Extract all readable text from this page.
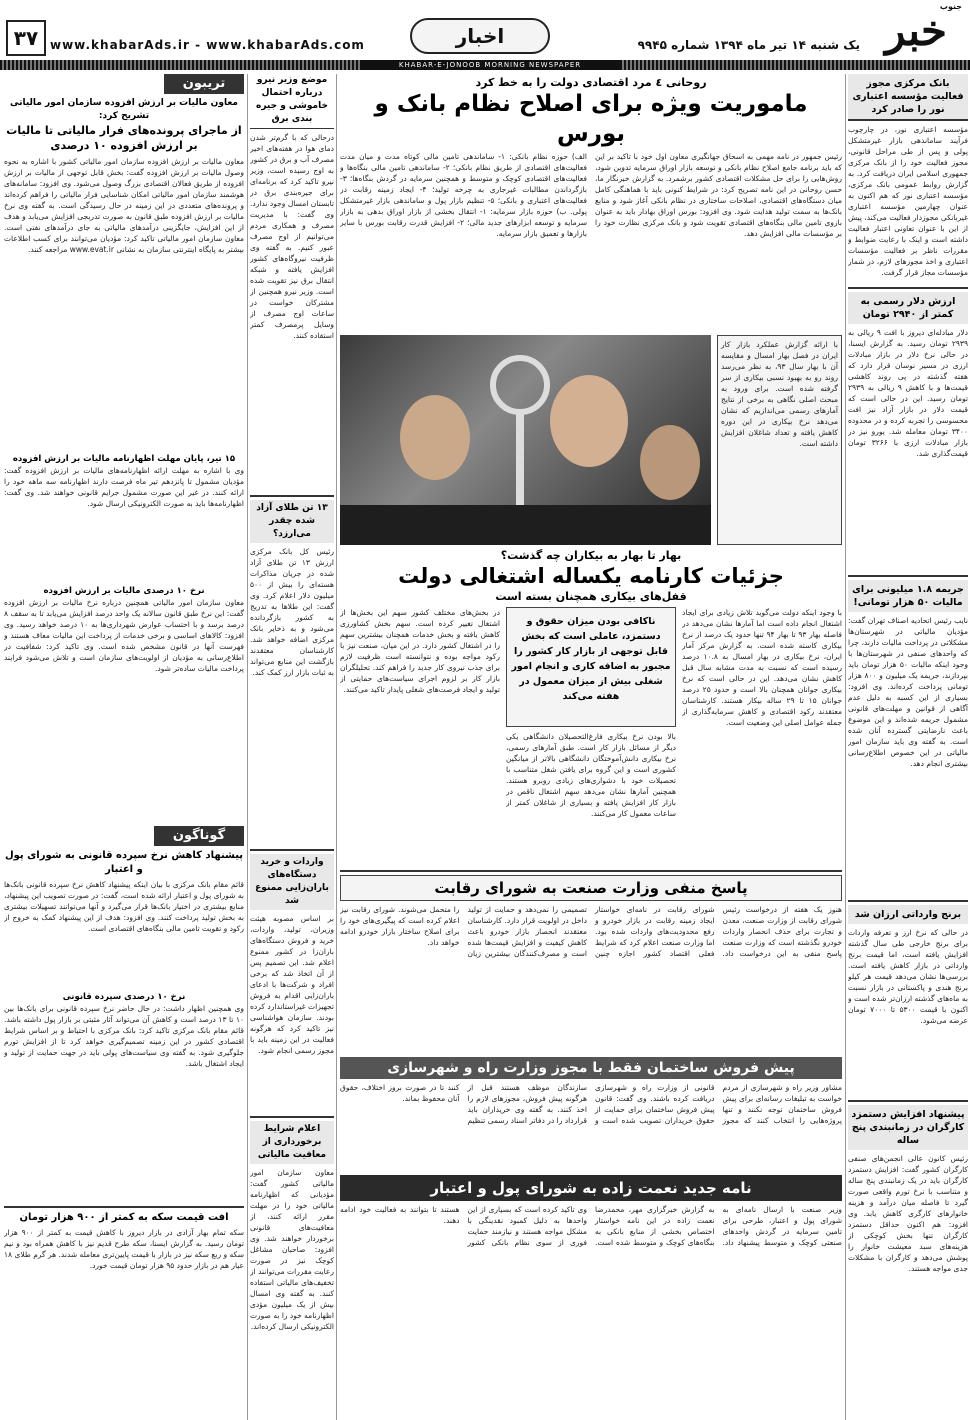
جنوب
خبر
یک شنبه ۱۴ تیر ماه ۱۳۹۴ شماره ۹۹۴۵
اخبار
www.khabarAds.ir - www.khabarAds.com
۳۷
KHABAR-E-JONOOB MORNING NEWSPAPER
بانک مرکزی مجوز فعالیت مؤسسه اعتباری نور را صادر کرد
مؤسسه اعتباری نور، در چارچوب فرآیند ساماندهی بازار غیرمتشکل پولی و پس از طی مراحل قانونی، مجوز فعالیت خود را از بانک مرکزی جمهوری اسلامی ایران دریافت کرد. به گزارش روابط عمومی بانک مرکزی، مؤسسه اعتباری نور که هم اکنون به عنوان چهارمین مؤسسه اعتباری غیربانکی مجوزدار فعالیت می‌کند، پیش از این با عنوان تعاونی اعتبار فعالیت داشته است و اینک با رعایت ضوابط و مقررات ناظر بر فعالیت مؤسسات اعتباری و اخذ مجوزهای لازم، در شمار مؤسسات مجاز قرار گرفت.
ارزش دلار رسمی به کمتر از ۲۹۴۰ تومان
دلار مبادله‌ای دیروز با افت ۹ ریالی به ۲۹۳۹ تومان رسید. به گزارش ایسنا، در حالی نرخ دلار در بازار مبادلات ارزی در مسیر نوسان قرار دارد که هفته گذشته در پی روند کاهشی قیمت‌ها و با کاهش ۹ ریالی به ۲۹۳۹ تومان رسید. این در حالی است که قیمت دلار در بازار آزاد نیز افت محسوسی را تجربه کرده و در محدوده ۳۴۰۰ تومان معامله شد. یورو نیز در بازار مبادلات ارزی با ۳۲۶۶ تومان قیمت‌گذاری شد.
جریمه ۱.۸ میلیونی برای مالیات ۵۰ هزار تومانی!
نایب رئیس اتحادیه اصناف تهران گفت: مؤدیان مالیاتی در شهرستان‌ها مشکلاتی در پرداخت مالیات دارند، چرا که واحدهای صنفی در شهرستان‌ها با وجود اینکه مالیات ۵۰ هزار تومان باید بپردازند، جریمه یک میلیون و ۸۰۰ هزار تومانی پرداخت کرده‌اند. وی افزود: بسیاری از این کسبه به دلیل عدم آگاهی از قوانین و مهلت‌های قانونی مشمول جریمه شده‌اند و این موضوع باعث نارضایتی گسترده آنان شده است. به گفته وی باید سازمان امور مالیاتی در این خصوص اطلاع‌رسانی بیشتری انجام دهد.
برنج وارداتی ارزان شد
در حالی که نرخ ارز و تعرفه واردات برای برنج خارجی طی سال گذشته افزایش یافته است، اما قیمت برنج وارداتی در بازار کاهش یافته است. بررسی‌ها نشان می‌دهد قیمت هر کیلو برنج هندی و پاکستانی در بازار نسبت به ماه‌های گذشته ارزان‌تر شده است و اکنون با قیمت ۵۳۰۰ تا ۷۰۰۰ تومان عرضه می‌شود.
پیشنهاد افزایش دستمزد کارگران در زمانبندی پنج ساله
رئیس کانون عالی انجمن‌های صنفی کارگران کشور گفت: افزایش دستمزد کارگران باید در یک زمانبندی پنج ساله و متناسب با نرخ تورم واقعی صورت گیرد تا فاصله میان درآمد و هزینه خانوارهای کارگری کاهش یابد. وی افزود: هم اکنون حداقل دستمزد کارگران تنها بخش کوچکی از هزینه‌های سبد معیشت خانوار را پوشش می‌دهد و کارگران با مشکلات جدی مواجه هستند.
روحانی ٤ مرد اقتصادی دولت را به خط کرد
ماموریت ویژه برای اصلاح نظام بانک و بورس
رئیس جمهور در نامه مهمی به اسحاق جهانگیری معاون اول خود با تاکید بر این که باید برنامه جامع اصلاح نظام بانکی و توسعه بازار اوراق سرمایه تدوین شود، روش‌هایی را برای حل مشکلات اقتصادی کشور برشمرد. به گزارش خبرنگار ما، حسن روحانی در این نامه تصریح کرد: در شرایط کنونی باید با هماهنگی کامل میان دستگاه‌های اقتصادی، اصلاحات ساختاری در نظام بانکی آغاز شود و منابع بانک‌ها به سمت تولید هدایت شود. وی افزود: بورس اوراق بهادار باید به عنوان بازوی تامین مالی بنگاه‌های اقتصادی تقویت شود و بانک مرکزی نظارت خود را بر مؤسسات مالی افزایش دهد.
الف) حوزه نظام بانکی: ۱- ساماندهی تامین مالی کوتاه مدت و میان مدت فعالیت‌های اقتصادی از طریق نظام بانکی؛ ۲- ساماندهی تامین مالی بنگاه‌ها و فعالیت‌های اقتصادی کوچک و متوسط و همچنین سرمایه در گردش بنگاه‌ها؛ ۳- بازگرداندن مطالبات غیرجاری به چرخه تولید؛ ۴- ایجاد زمینه رقابت در فعالیت‌های اعتباری و بانکی؛ ۵- تنظیم بازار پول و ساماندهی بازار غیرمتشکل پولی. ب) حوزه بازار سرمایه: ۱- انتقال بخشی از بازار اوراق بدهی به بازار سرمایه و توسعه ابزارهای جدید مالی؛ ۲- افزایش قدرت رقابت بورس با سایر بازارها و تعمیق بازار سرمایه.
با ارائه گزارش عملکرد بازار کار ایران در فصل بهار امسال و مقایسه آن با بهار سال ۹۳، به نظر می‌رسد روند رو به بهبود نسبی بیکاری از سر گرفته شده است. برای ورود به مبحث اصلی نگاهی به برخی از نتایج آمارهای رسمی می‌اندازیم که نشان می‌دهد نرخ بیکاری در این دوره کاهش یافته و تعداد شاغلان افزایش داشته است.
بهار تا بهار به بیکاران چه گذشت؟
جزئیات کارنامه یکساله اشتغالی دولت
قفل‌های بیکاری همچنان بسته است
با وجود اینکه دولت می‌گوید تلاش زیادی برای ایجاد اشتغال انجام داده است اما آمارها نشان می‌دهد در فاصله بهار ۹۳ تا بهار ۹۴ تنها حدود یک درصد از نرخ بیکاری کاسته شده است. به گزارش مرکز آمار ایران، نرخ بیکاری در بهار امسال به ۱۰.۸ درصد رسیده است که نسبت به مدت مشابه سال قبل کاهش نشان می‌دهد. این در حالی است که نرخ بیکاری جوانان همچنان بالا است و حدود ۲۵ درصد جوانان ۱۵ تا ۲۹ ساله بیکار هستند. کارشناسان معتقدند رکود اقتصادی و کاهش سرمایه‌گذاری از جمله عوامل اصلی این وضعیت است.
ناکافی بودن میزان حقوق و دستمزد، عاملی است که بخش قابل توجهی از بازار کار کشور را مجبور به اضافه کاری و انجام امور شغلی بیش از میزان معمول در هفته می‌کند
بالا بودن نرخ بیکاری فارغ‌التحصیلان دانشگاهی یکی دیگر از مسائل بازار کار است. طبق آمارهای رسمی، نرخ بیکاری دانش‌آموختگان دانشگاهی بالاتر از میانگین کشوری است و این گروه برای یافتن شغل متناسب با تحصیلات خود با دشواری‌های زیادی روبرو هستند. همچنین آمارها نشان می‌دهد سهم اشتغال ناقص در بازار کار افزایش یافته و بسیاری از شاغلان کمتر از ساعات معمول کار می‌کنند.
در بخش‌های مختلف کشور سهم این بخش‌ها از اشتغال تغییر کرده است. سهم بخش کشاورزی کاهش یافته و بخش خدمات همچنان بیشترین سهم را در اشتغال کشور دارد. در این میان، صنعت نیز با رکود مواجه بوده و نتوانسته است ظرفیت لازم برای جذب نیروی کار جدید را فراهم کند. تحلیلگران بازار کار بر لزوم اجرای سیاست‌های حمایتی از تولید و ایجاد فرصت‌های شغلی پایدار تاکید می‌کنند.
پاسخ منفی وزارت صنعت به شورای رقابت
هنوز یک هفته از درخواست رئیس شورای رقابت از وزارت صنعت، معدن و تجارت برای حذف انحصار واردات خودرو نگذشته است که وزارت صنعت پاسخ منفی به این درخواست داد. شورای رقابت در نامه‌ای خواستار ایجاد زمینه رقابت در بازار خودرو و رفع محدودیت‌های واردات شده بود. اما وزارت صنعت اعلام کرد که شرایط فعلی اقتصاد کشور اجازه چنین تصمیمی را نمی‌دهد و حمایت از تولید داخل در اولویت قرار دارد. کارشناسان معتقدند انحصار بازار خودرو باعث کاهش کیفیت و افزایش قیمت‌ها شده است و مصرف‌کنندگان بیشترین زیان را متحمل می‌شوند. شورای رقابت نیز اعلام کرده است که پیگیری‌های خود را برای اصلاح ساختار بازار خودرو ادامه خواهد داد.
پیش فروش ساختمان فقط با مجوز وزارت راه و شهرسازی
مشاور وزیر راه و شهرسازی از مردم خواست به تبلیغات رسانه‌ای برای پیش فروش ساختمان توجه نکنند و تنها پروژه‌هایی را انتخاب کنند که مجوز قانونی از وزارت راه و شهرسازی دریافت کرده باشند. وی گفت: قانون پیش فروش ساختمان برای حمایت از حقوق خریداران تصویب شده است و سازندگان موظف هستند قبل از هرگونه پیش فروش، مجوزهای لازم را اخذ کنند. به گفته وی خریداران باید قرارداد را در دفاتر اسناد رسمی تنظیم کنند تا در صورت بروز اختلاف، حقوق آنان محفوظ بماند.
نامه جدید نعمت زاده به شورای پول و اعتبار
وزیر صنعت با ارسال نامه‌ای به شورای پول و اعتبار، طرحی برای تامین سرمایه در گردش واحدهای صنعتی کوچک و متوسط پیشنهاد داد. به گزارش خبرگزاری مهر، محمدرضا نعمت زاده در این نامه خواستار اختصاص بخشی از منابع بانکی به بنگاه‌های کوچک و متوسط شده است. وی تاکید کرده است که بسیاری از این واحدها به دلیل کمبود نقدینگی با مشکل مواجه هستند و نیازمند حمایت فوری از سوی نظام بانکی کشور هستند تا بتوانند به فعالیت خود ادامه دهند.
موضع وزیر نیرو درباره احتمال خاموشی و جیره بندی برق
درحالی که با گرم‌تر شدن دمای هوا در هفته‌های اخیر مصرف آب و برق در کشور به اوج رسیده است، وزیر نیرو تاکید کرد که برنامه‌ای برای جیره‌بندی برق در تابستان امسال وجود ندارد. وی گفت: با مدیریت مصرف و همکاری مردم می‌توانیم از اوج مصرف عبور کنیم. به گفته وی ظرفیت نیروگاه‌های کشور افزایش یافته و شبکه انتقال برق نیز تقویت شده است. وزیر نیرو همچنین از مشترکان خواست در ساعات اوج مصرف از وسایل پرمصرف کمتر استفاده کنند.
۱۳ تن طلای آزاد شده چقدر می‌ارزد؟
رئیس کل بانک مرکزی ارزش ۱۳ تن طلای آزاد شده در جریان مذاکرات هسته‌ای را بیش از ۵۰۰ میلیون دلار اعلام کرد. وی گفت: این طلاها به تدریج به کشور بازگردانده می‌شود و به ذخایر بانک مرکزی اضافه خواهد شد. کارشناسان معتقدند بازگشت این منابع می‌تواند به ثبات بازار ارز کمک کند.
واردات و خرید دستگاه‌های باران‌زایی ممنوع شد
بر اساس مصوبه هیئت وزیران، تولید، واردات، خرید و فروش دستگاه‌های باران‌زا در کشور ممنوع اعلام شد. این تصمیم پس از آن اتخاذ شد که برخی افراد و شرکت‌ها با ادعای باران‌زایی اقدام به فروش تجهیزات غیراستاندارد کرده بودند. سازمان هواشناسی نیز تاکید کرد که هرگونه فعالیت در این زمینه باید با مجوز رسمی انجام شود.
اعلام شرایط برخورداری از معافیت مالیاتی
معاون سازمان امور مالیاتی کشور گفت: مؤدیانی که اظهارنامه مالیاتی خود را در مهلت مقرر ارائه کنند، از معافیت‌های قانونی برخوردار خواهند شد. وی افزود: صاحبان مشاغل کوچک نیز در صورت رعایت مقررات می‌توانند از تخفیف‌های مالیاتی استفاده کنند. به گفته وی امسال بیش از یک میلیون مؤدی اظهارنامه خود را به صورت الکترونیکی ارسال کرده‌اند.
تریبون
معاون مالیات بر ارزش افزوده سازمان امور مالیاتی تشریح کرد:
از ماجرای پرونده‌های فرار مالیاتی تا مالیات بر ارزش افزوده ۱۰ درصدی
معاون مالیات بر ارزش افزوده سازمان امور مالیاتی کشور با اشاره به نحوه وصول مالیات بر ارزش افزوده گفت: بخش قابل توجهی از مالیات بر ارزش افزوده از طریق فعالان اقتصادی بزرگ وصول می‌شود. وی افزود: سامانه‌های هوشمند سازمان امور مالیاتی امکان شناسایی فرار مالیاتی را فراهم کرده‌اند و پرونده‌های متعددی در این زمینه در حال رسیدگی است. به گفته وی نرخ مالیات بر ارزش افزوده طبق قانون به صورت تدریجی افزایش می‌یابد و هدف از این افزایش، جایگزینی درآمدهای مالیاتی به جای درآمدهای نفتی است. معاون سازمان امور مالیاتی تاکید کرد: مؤدیان می‌توانند برای کسب اطلاعات بیشتر به پایگاه اینترنتی سازمان به نشانی www.evat.ir مراجعه کنند.
۱۵ تیر، پایان مهلت اظهارنامه مالیات بر ارزش افزوده
وی با اشاره به مهلت ارائه اظهارنامه‌های مالیات بر ارزش افزوده گفت: مؤدیان مشمول تا پانزدهم تیر ماه فرصت دارند اظهارنامه سه ماهه خود را ارائه کنند. در غیر این صورت مشمول جرایم قانونی خواهند شد. وی گفت: اظهارنامه‌ها باید به صورت الکترونیکی ارسال شود.
نرخ ۱۰ درصدی مالیات بر ارزش افزوده
معاون سازمان امور مالیاتی همچنین درباره نرخ مالیات بر ارزش افزوده گفت: این نرخ طبق قانون سالانه یک واحد درصد افزایش می‌یابد تا به سقف ۸ درصد برسد و با احتساب عوارض شهرداری‌ها به ۱۰ درصد خواهد رسید. وی افزود: کالاهای اساسی و برخی خدمات از پرداخت این مالیات معاف هستند و فهرست آنها در قانون مشخص شده است. وی تاکید کرد: شفافیت در اطلاع‌رسانی به مؤدیان از اولویت‌های سازمان است و تلاش می‌شود فرایند پرداخت مالیات ساده‌تر شود.
گوناگون
پیشنهاد کاهش نرخ سپرده قانونی به شورای پول و اعتبار
قائم مقام بانک مرکزی با بیان اینکه پیشنهاد کاهش نرخ سپرده قانونی بانک‌ها به شورای پول و اعتبار ارائه شده است، گفت: در صورت تصویب این پیشنهاد، منابع بیشتری در اختیار بانک‌ها قرار می‌گیرد و آنها می‌توانند تسهیلات بیشتری به بخش تولید پرداخت کنند. وی افزود: هدف از این پیشنهاد کمک به خروج از رکود و تقویت تامین مالی بنگاه‌های اقتصادی است.
نرخ ۱۰ درصدی سپرده قانونی
وی همچنین اظهار داشت: در حال حاضر نرخ سپرده قانونی برای بانک‌ها بین ۱۰ تا ۱۳ درصد است و کاهش آن می‌تواند آثار مثبتی بر بازار پول داشته باشد. قائم مقام بانک مرکزی تاکید کرد: بانک مرکزی با احتیاط و بر اساس شرایط اقتصادی کشور در این زمینه تصمیم‌گیری خواهد کرد تا از افزایش تورم جلوگیری شود. به گفته وی سیاست‌های پولی باید در جهت حمایت از تولید و ایجاد اشتغال باشد.
افت قیمت سکه به کمتر از ۹۰۰ هزار تومان
سکه تمام بهار آزادی در بازار دیروز با کاهش قیمت به کمتر از ۹۰۰ هزار تومان رسید. به گزارش ایسنا، سکه طرح قدیم نیز با کاهش همراه بود و نیم سکه و ربع سکه نیز در بازار با قیمت پایین‌تری معامله شدند. هر گرم طلای ۱۸ عیار هم در بازار حدود ۹۵ هزار تومان قیمت خورد.
